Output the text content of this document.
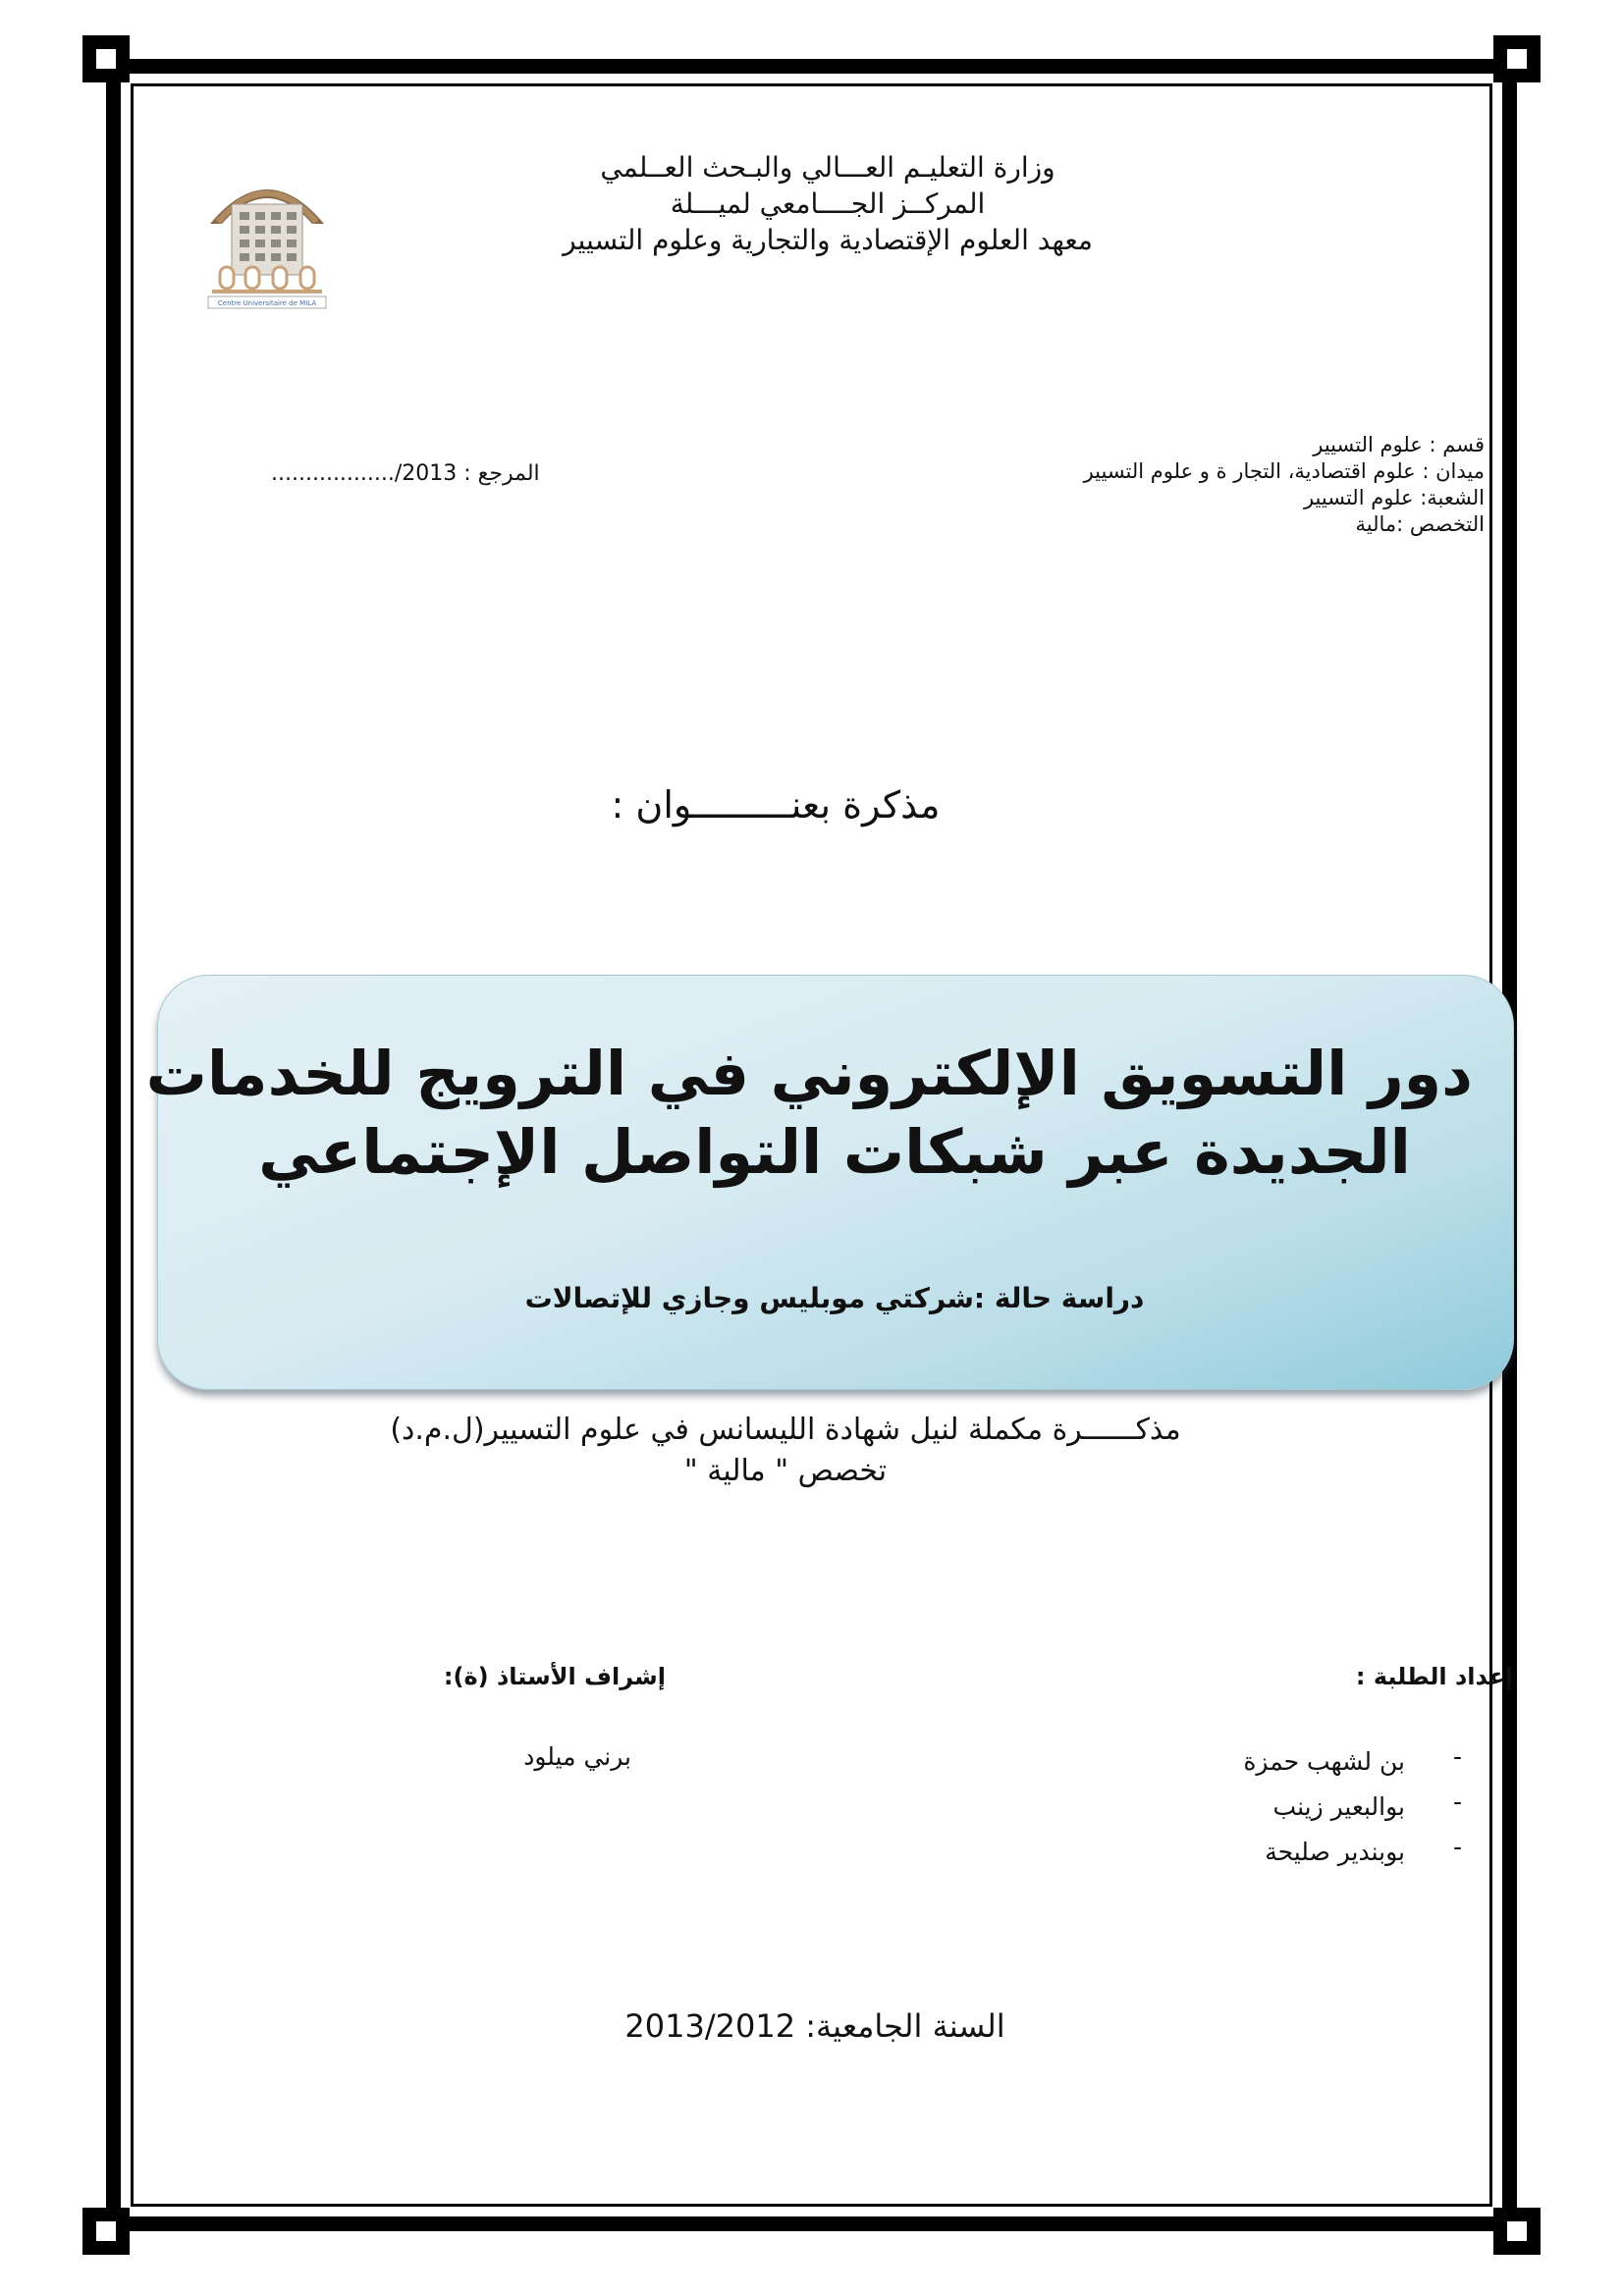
Centre Universitaire de MILA
وزارة التعليـم العـــالي والبـحث العــلمي
المركــز الجــــامعي لميـــلة
معهد العلوم الإقتصادية والتجارية وعلوم التسيير
قسم : علوم التسيير
ميدان : علوم اقتصادية، التجار ة و علوم التسيير
الشعبة: علوم التسيير
التخصص :مالية
................../2013 المرجع :
مذكرة بعنـــــــــوان :
دور التسويق الإلكتروني في الترويج للخدمات
الجديدة عبر شبكات التواصل الإجتماعي
دراسة حالة :شركتي موبليس وجازي للإتصالات
مذكــــــرة مكملة لنيل شهادة الليسانس في علوم التسيير(ل.م.د)
تخصص " مالية "
إعداد الطلبة :
إشراف الأستاذ (ة):
بن لشهب حمزة -
بوالبعير زينب -
بوبندير صليحة -
برني ميلود
السنة الجامعية: 2013/2012
